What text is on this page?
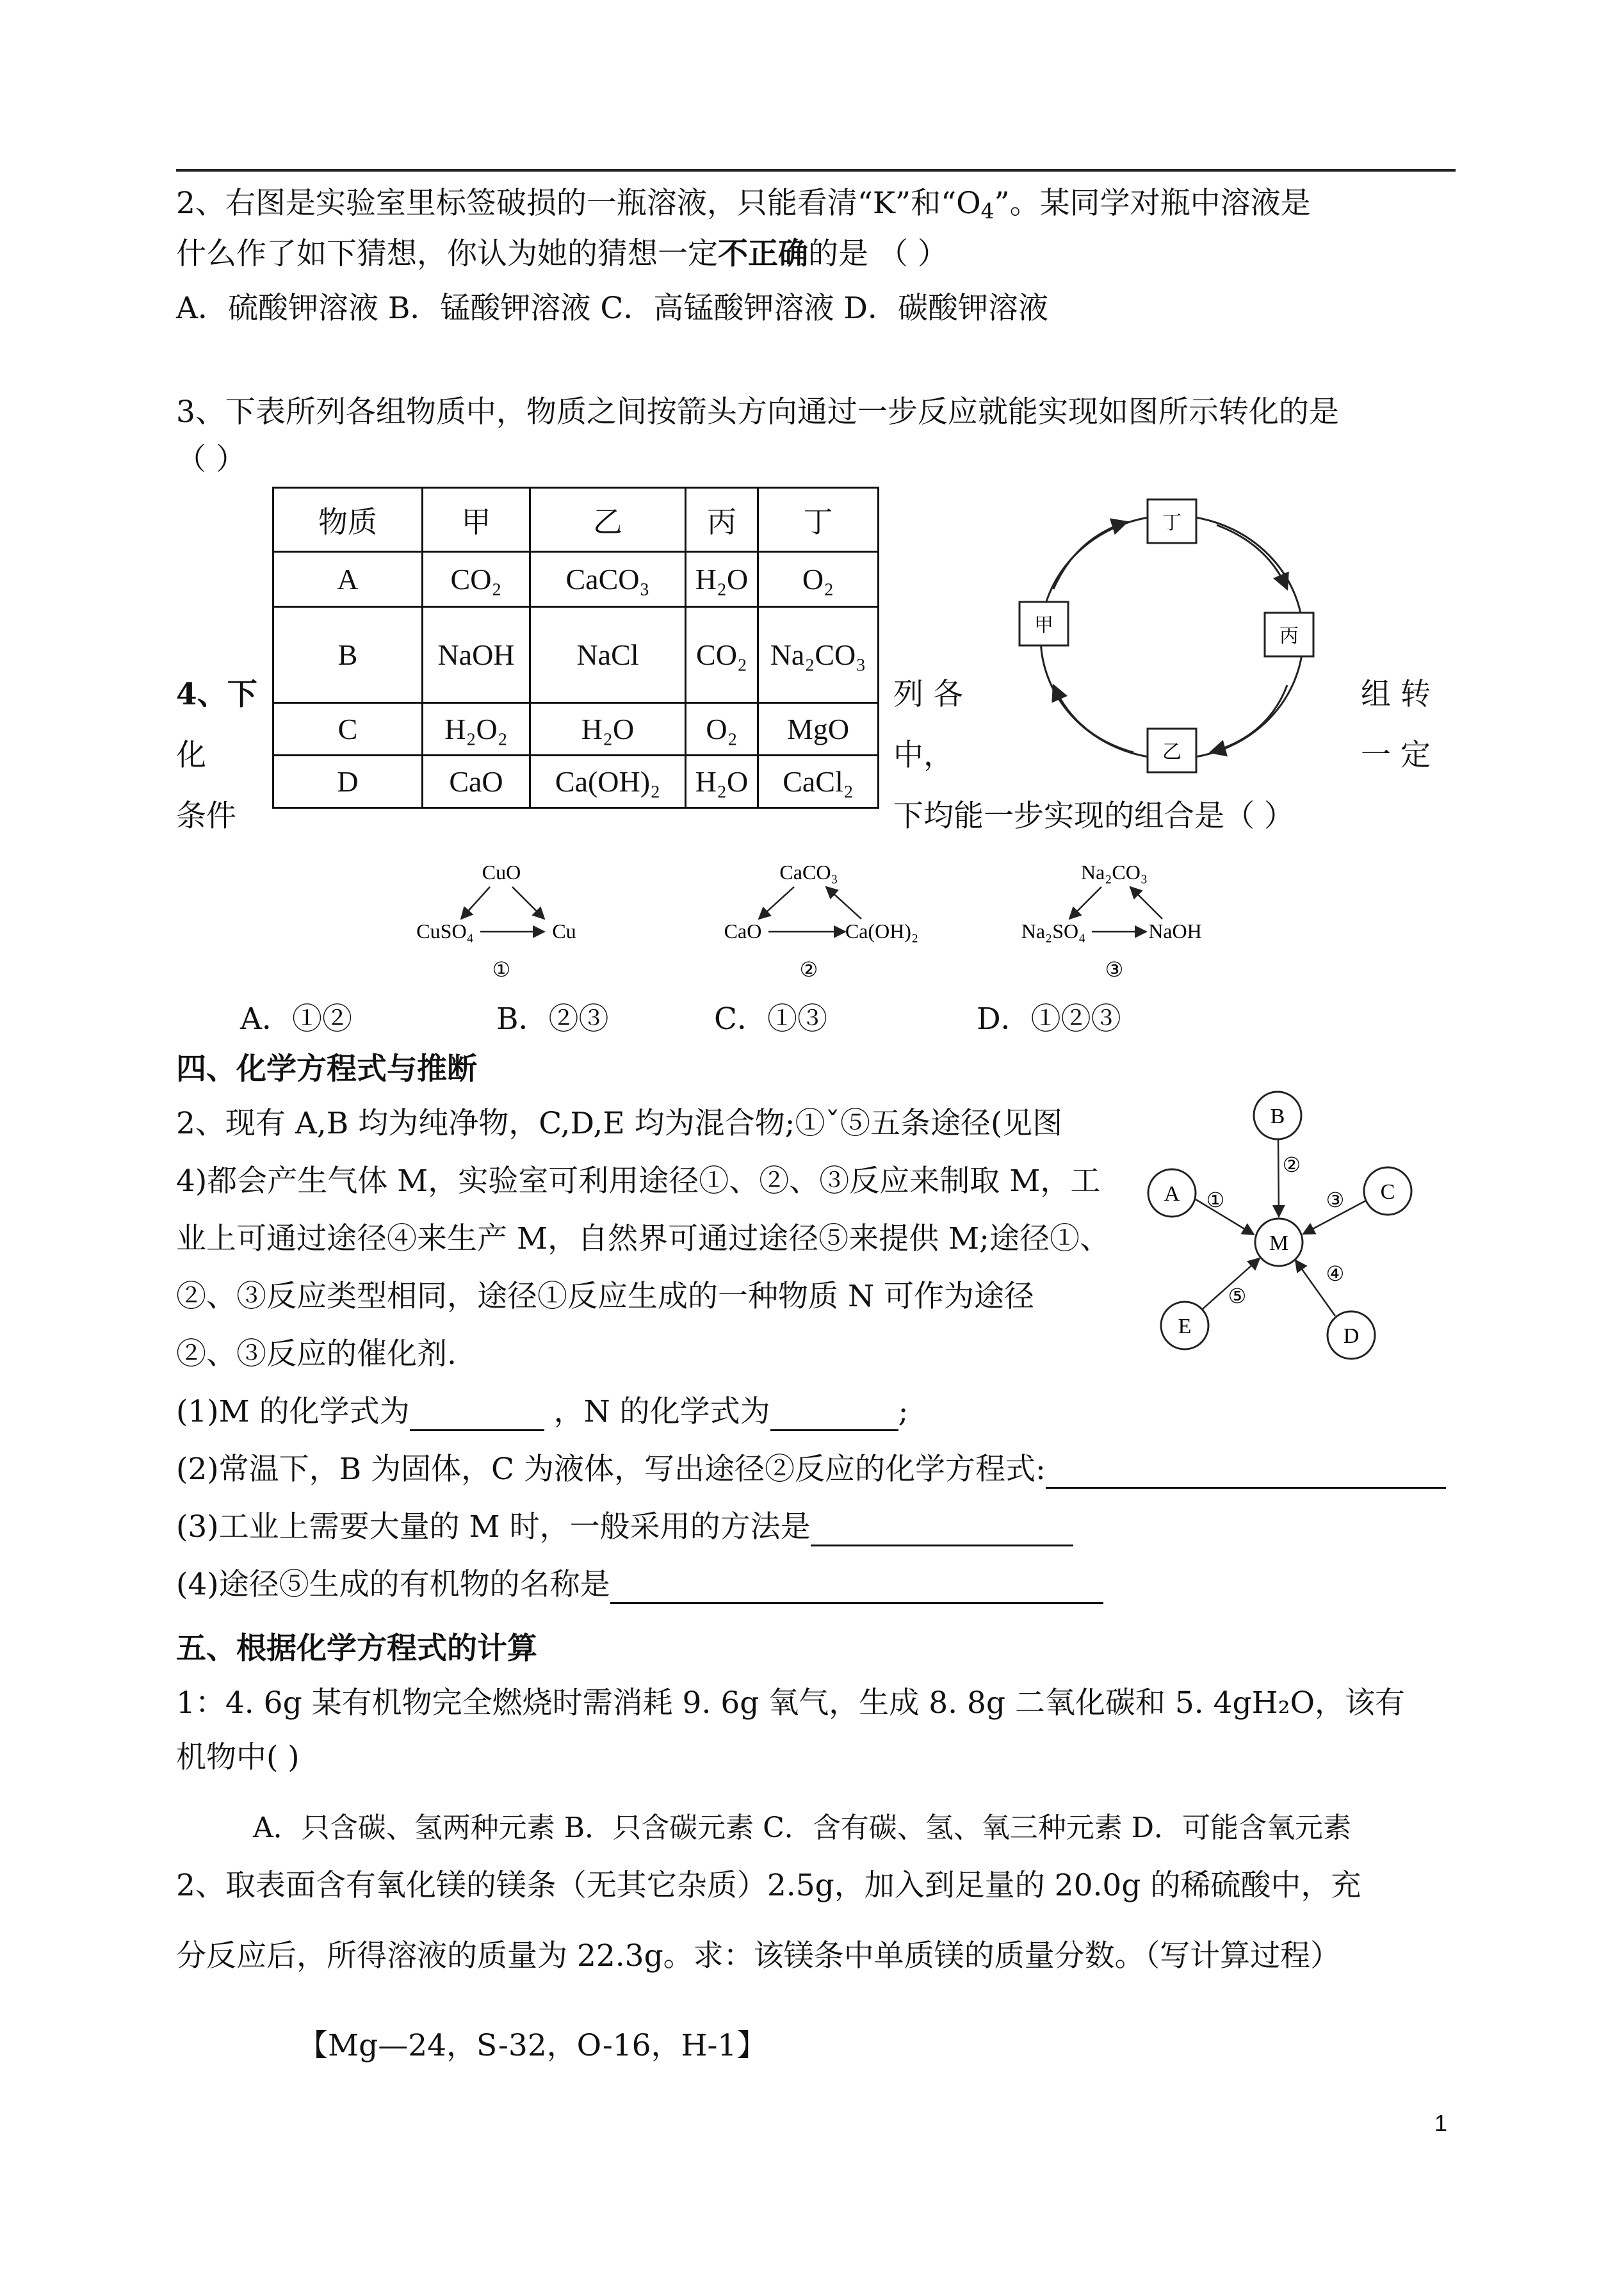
2、右图是实验室里标签破损的一瓶溶液，只能看清“K”和“$O_4$”。某同学对瓶中溶液是
什么作了如下猜想，你认为她的猜想一定不正确的是 （ ）
A．硫酸钾溶液 B．锰酸钾溶液 C．高锰酸钾溶液 D．碳酸钾溶液
3、下表所列各组物质中，物质之间按箭头方向通过一步反应就能实现如图所示转化的是
（ ）
物质	甲	乙	丙	丁
A	CO₂	CaCO₃	H₂O	O₂
B	NaOH	NaCl	CO₂	Na₂CO₃
C	H₂O₂	H₂O	O₂	MgO
D	CaO	Ca(OH)₂	H₂O	CaCl₂
丁
丙
乙
甲
4、下
化
条件
列 各	组 转
中，	一 定
下均能一步实现的组合是（ ）
CuO
CuSO₄	Cu
①
CaCO₃
CaO	Ca(OH)₂
②
Na₂CO₃
Na₂SO₄	NaOH
③
A．①②	B．②③	C．①③	D．①②③
四、化学方程式与推断
2、现有 A,B 均为纯净物，C,D,E 均为混合物;①ˇ⑤五条途径(见图
4)都会产生气体 M，实验室可利用途径①、②、③反应来制取 M，工
业上可通过途径④来生产 M，自然界可通过途径⑤来提供 M;途径①、
②、③反应类型相同，途径①反应生成的一种物质 N 可作为途径
②、③反应的催化剂.
M
A
B
C
D
E
①
②
③
④
⑤
(1)M 的化学式为	，N 的化学式为	;
(2)常温下，B 为固体，C 为液体，写出途径②反应的化学方程式:
(3)工业上需要大量的 M 时，一般采用的方法是
(4)途径⑤生成的有机物的名称是
五、根据化学方程式的计算
1：4. 6g 某有机物完全燃烧时需消耗 9. 6g 氧气，生成 8. 8g 二氧化碳和 5. 4gH₂O，该有
机物中( )
A．只含碳、氢两种元素 B．只含碳元素 C．含有碳、氢、氧三种元素 D．可能含氧元素
2、取表面含有氧化镁的镁条（无其它杂质）2.5g，加入到足量的 20.0g 的稀硫酸中，充
分反应后，所得溶液的质量为 22.3g。求：该镁条中单质镁的质量分数。（写计算过程）
【Mg—24，S-32，O-16，H-1】
1
